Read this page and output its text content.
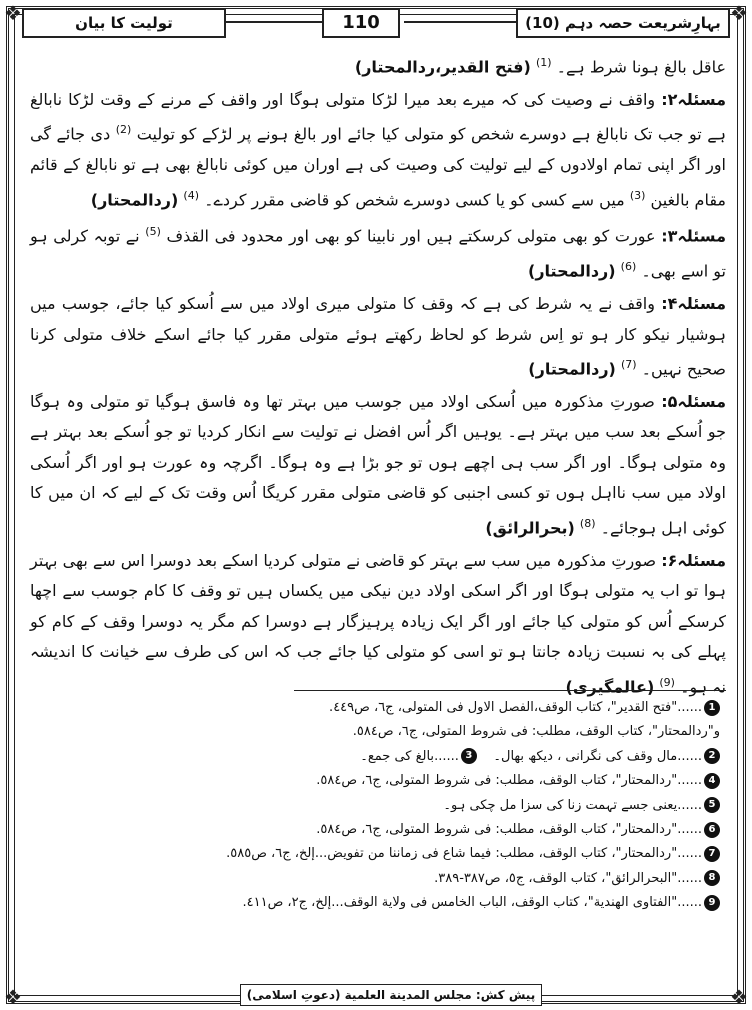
❖	❖
❖	❖
بہارِشریعت حصہ دہم (10)
110
تولیت کا بیان

عاقل بالغ ہونا شرط ہے۔ $^{(1)}$ (فتح القدیر،ردالمحتار)

مسئلہ۲: واقف نے وصیت کی کہ میرے بعد میرا لڑکا متولی ہوگا اور واقف کے مرنے کے وقت لڑکا نابالغ ہے تو جب تک نابالغ ہے دوسرے شخص کو متولی کیا جائے اور بالغ ہونے پر لڑکے کو تولیت $^{(2)}$ دی جائے گی اور اگر اپنی تمام اولادوں کے لیے تولیت کی وصیت کی ہے اوران میں کوئی نابالغ بھی ہے تو نابالغ کے قائم مقام بالغین $^{(3)}$ میں سے کسی کو یا کسی دوسرے شخص کو قاضی مقرر کردے۔ $^{(4)}$ (ردالمحتار)

مسئلہ۳: عورت کو بھی متولی کرسکتے ہیں اور نابینا کو بھی اور محدود فی القذف $^{(5)}$ نے توبہ کرلی ہو تو اسے بھی۔ $^{(6)}$ (ردالمحتار)

مسئلہ۴: واقف نے یہ شرط کی ہے کہ وقف کا متولی میری اولاد میں سے اُسکو کیا جائے، جوسب میں ہوشیار نیکو کار ہو تو اِس شرط کو لحاظ رکھتے ہوئے متولی مقرر کیا جائے اسکے خلاف متولی کرنا صحیح نہیں۔ $^{(7)}$ (ردالمحتار)

مسئلہ۵: صورتِ مذکورہ میں اُسکی اولاد میں جوسب میں بہتر تھا وہ فاسق ہوگیا تو متولی وہ ہوگا جو اُسکے بعد سب میں بہتر ہے۔ یوہیں اگر اُس افضل نے تولیت سے انکار کردیا تو جو اُسکے بعد بہتر ہے وہ متولی ہوگا۔ اور اگر سب ہی اچھے ہوں تو جو بڑا ہے وہ ہوگا۔ اگرچہ وہ عورت ہو اور اگر اُسکی اولاد میں سب نااہل ہوں تو کسی اجنبی کو قاضی متولی مقرر کریگا اُس وقت تک کے لیے کہ ان میں کا کوئی اہل ہوجائے۔ $^{(8)}$ (بحرالرائق)

مسئلہ۶: صورتِ مذکورہ میں سب سے بہتر کو قاضی نے متولی کردیا اسکے بعد دوسرا اس سے بھی بہتر ہوا تو اب یہ متولی ہوگا اور اگر اسکی اولاد دین نیکی میں یکساں ہیں تو وقف کا کام جوسب سے اچھا کرسکے اُس کو متولی کیا جائے اور اگر ایک زیادہ پرہیزگار ہے دوسرا کم مگر یہ دوسرا وقف کے کام کو پہلے کی بہ نسبت زیادہ جانتا ہو تو اسی کو متولی کیا جائے جب کہ اس کی طرف سے خیانت کا اندیشہ نہ ہو۔ $^{(9)}$ (عالمگیری)

1......"فتح القدير"، كتاب الوقف،الفصل الاول فى المتولى، ج٦، ص٤٤٩.
و"ردالمحتار"، كتاب الوقف، مطلب: فى شروط المتولى، ج٦، ص٥٨٤.
2......مال وقف کی نگرانی ، دیکھ بھال۔    3......بالغ کی جمع۔
4......"ردالمحتار"، كتاب الوقف، مطلب: فى شروط المتولى، ج٦، ص٥٨٤.
5......یعنی جسے تہمت زنا کی سزا مل چکی ہو۔
6......"ردالمحتار"، كتاب الوقف، مطلب: فى شروط المتولى، ج٦، ص٥٨٤.
7......"ردالمحتار"، كتاب الوقف، مطلب: فيما شاع فى زماننا من تفويض...إلخ، ج٦، ص٥٨٥.
8......"البحرالرائق"، كتاب الوقف، ج٥، ص٣٨٧-٣٨٩.
9......"الفتاوى الهندية"، كتاب الوقف، الباب الخامس فى ولاية الوقف...إلخ، ج٢، ص٤١١.
پیش کش: مجلس المدینة العلمیة (دعوتِ اسلامی)
